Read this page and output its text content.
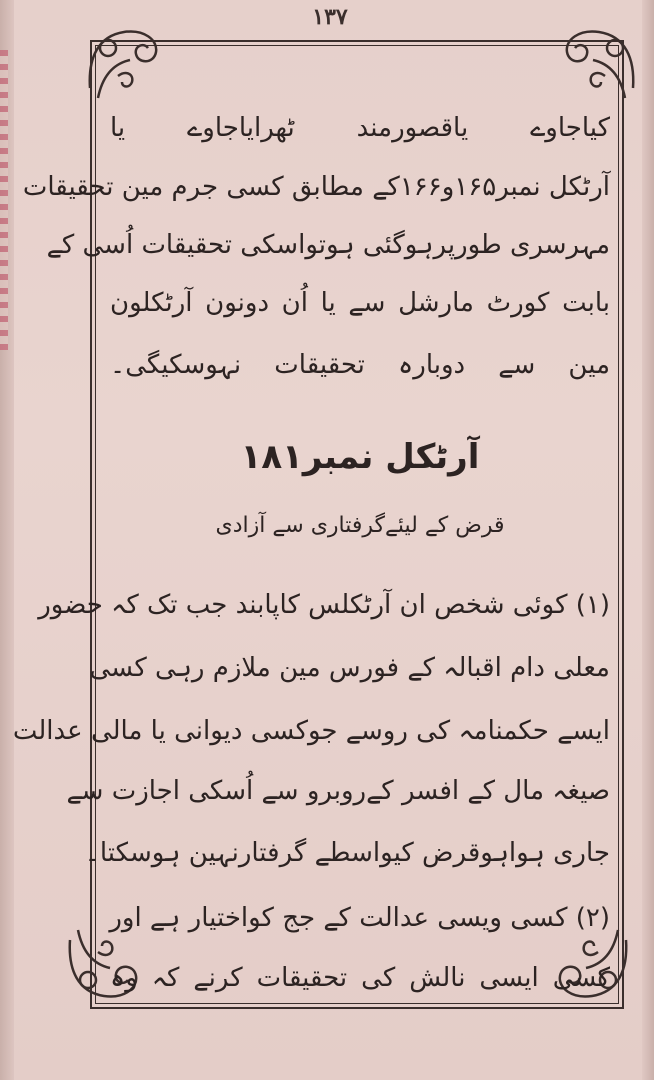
۱۳۷
کیاجاوے یاقصورمند ٹھرایاجاوے یا
آرٹکل نمبر۱۶۵و۱۶۶کے مطابق کسی جرم مین تحقیقات
مہرسری طورپرہوگئی ہوتواسکی تحقیقات اُسی کے
بابت کورٹ مارشل سے یا اُن دونون آرٹکلون
مین سے دوبارہ تحقیقات نہوسکیگی۔
آرٹکل نمبر۱۸۱
قرض کے لیئےگرفتاری سے آزادی
(۱) کوئی شخص ان آرٹکلس کاپابند جب تک کہ حضور
معلی دام اقبالہ کے فورس مین ملازم رہی کسی
ایسے حکمنامہ کی روسے جوکسی دیوانی یا مالی عدالت
صیغہ مال کے افسر کےروبرو سے اُسکی اجازت سے
جاری ہواہوقرض کیواسطے گرفتارنہین ہوسکتا۔
(۲) کسی ویسی عدالت کے جج کواختیار ہے اور
کسی ایسی نالش کی تحقیقات کرنے کہ وہ
